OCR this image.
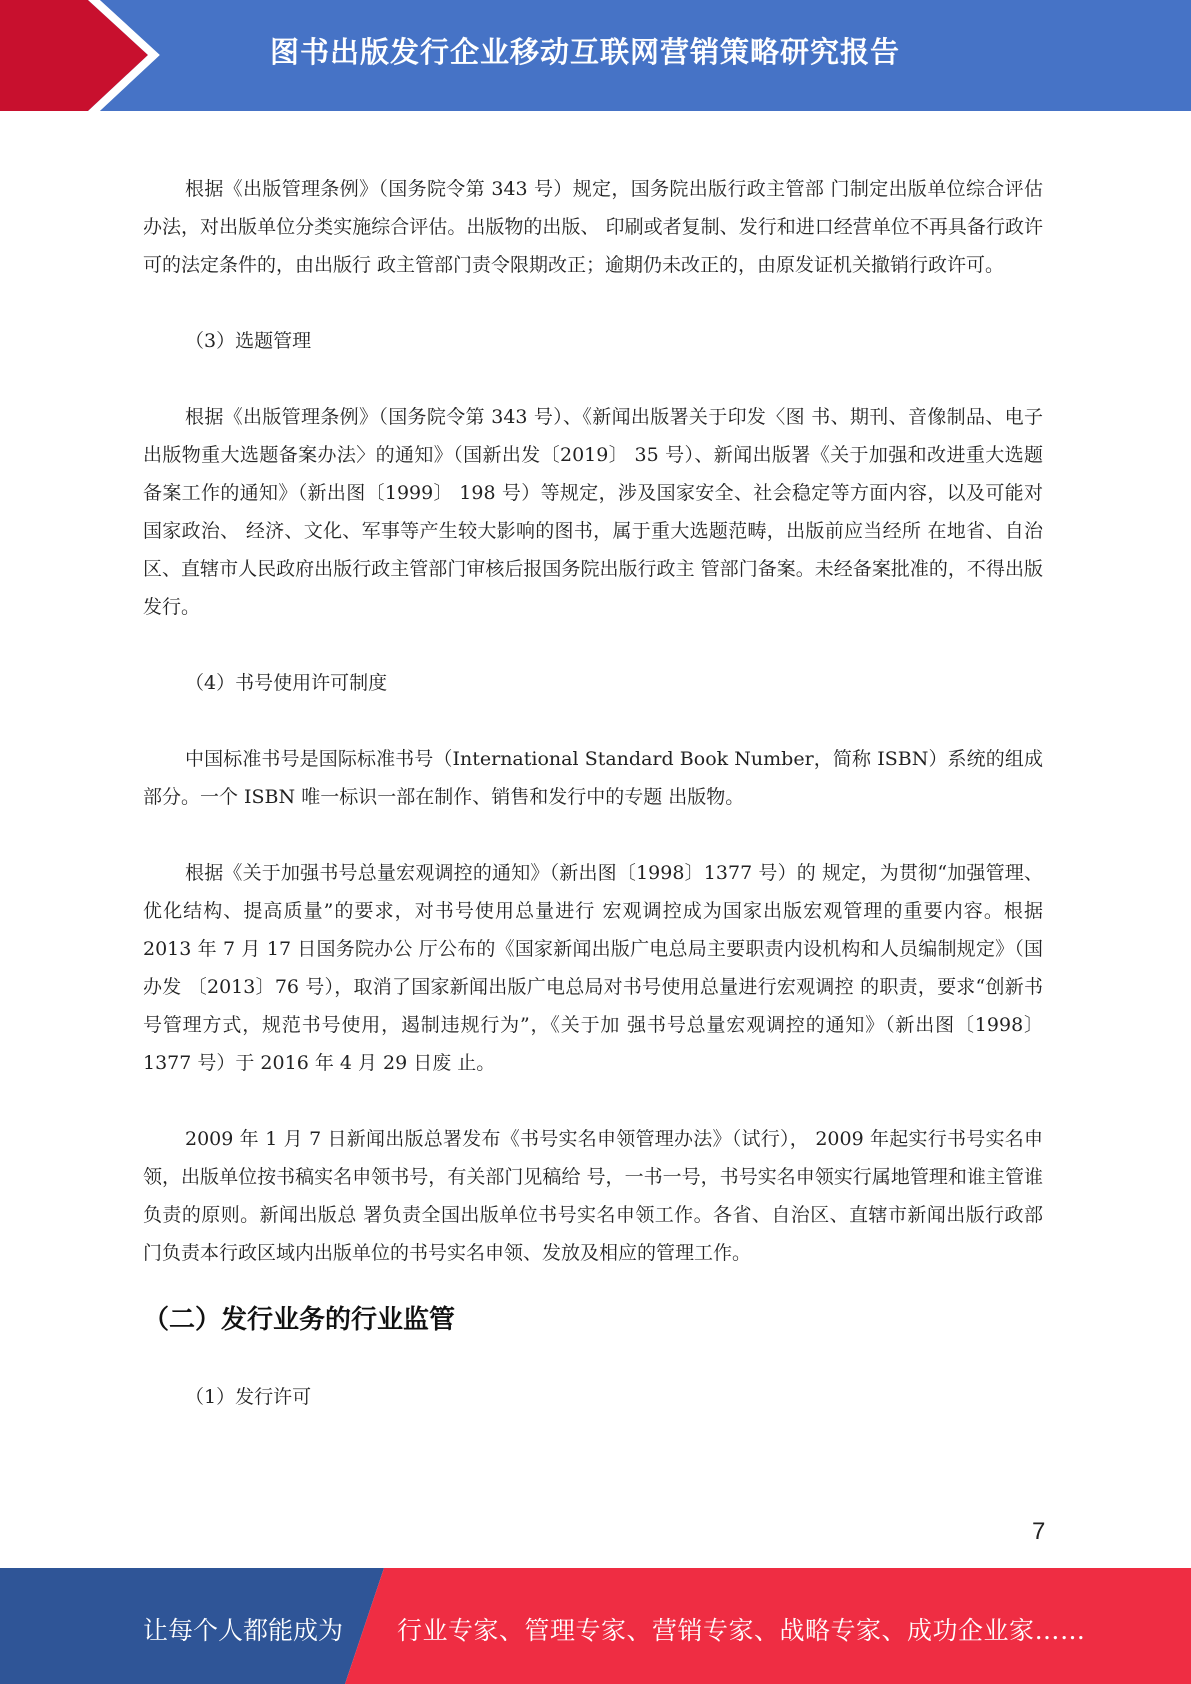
图书出版发行企业移动互联网营销策略研究报告

根据《出版管理条例》（国务院令第 343 号）规定，国务院出版行政主管部 门制定出版单位综合评估办法，对出版单位分类实施综合评估。出版物的出版、 印刷或者复制、发行和进口经营单位不再具备行政许可的法定条件的，由出版行 政主管部门责令限期改正；逾期仍未改正的，由原发证机关撤销行政许可。

（3）选题管理

根据《出版管理条例》（国务院令第 343 号）、《新闻出版署关于印发〈图 书、期刊、音像制品、电子出版物重大选题备案办法〉的通知》（国新出发〔2019〕 35 号）、新闻出版署《关于加强和改进重大选题备案工作的通知》（新出图〔1999〕 198 号）等规定，涉及国家安全、社会稳定等方面内容，以及可能对国家政治、 经济、文化、军事等产生较大影响的图书，属于重大选题范畴，出版前应当经所 在地省、自治区、直辖市人民政府出版行政主管部门审核后报国务院出版行政主 管部门备案。未经备案批准的，不得出版发行。

（4）书号使用许可制度

中国标准书号是国际标准书号（International Standard Book Number，简称 ISBN）系统的组成部分。一个 ISBN 唯一标识一部在制作、销售和发行中的专题 出版物。

根据《关于加强书号总量宏观调控的通知》（新出图〔1998〕1377 号）的 规定，为贯彻“加强管理、优化结构、提高质量”的要求，对书号使用总量进行 宏观调控成为国家出版宏观管理的重要内容。根据 2013 年 7 月 17 日国务院办公 厅公布的《国家新闻出版广电总局主要职责内设机构和人员编制规定》（国办发 〔2013〕76 号），取消了国家新闻出版广电总局对书号使用总量进行宏观调控 的职责，要求“创新书号管理方式，规范书号使用，遏制违规行为”，《关于加 强书号总量宏观调控的通知》（新出图〔1998〕1377 号）于 2016 年 4 月 29 日废 止。

2009 年 1 月 7 日新闻出版总署发布《书号实名申领管理办法》（试行）， 2009 年起实行书号实名申领，出版单位按书稿实名申领书号，有关部门见稿给 号，一书一号，书号实名申领实行属地管理和谁主管谁负责的原则。新闻出版总 署负责全国出版单位书号实名申领工作。各省、自治区、直辖市新闻出版行政部 门负责本行政区域内出版单位的书号实名申领、发放及相应的管理工作。

（二）发行业务的行业监管

（1）发行许可

7
让每个人都能成为 行业专家、管理专家、营销专家、战略专家、成功企业家……
